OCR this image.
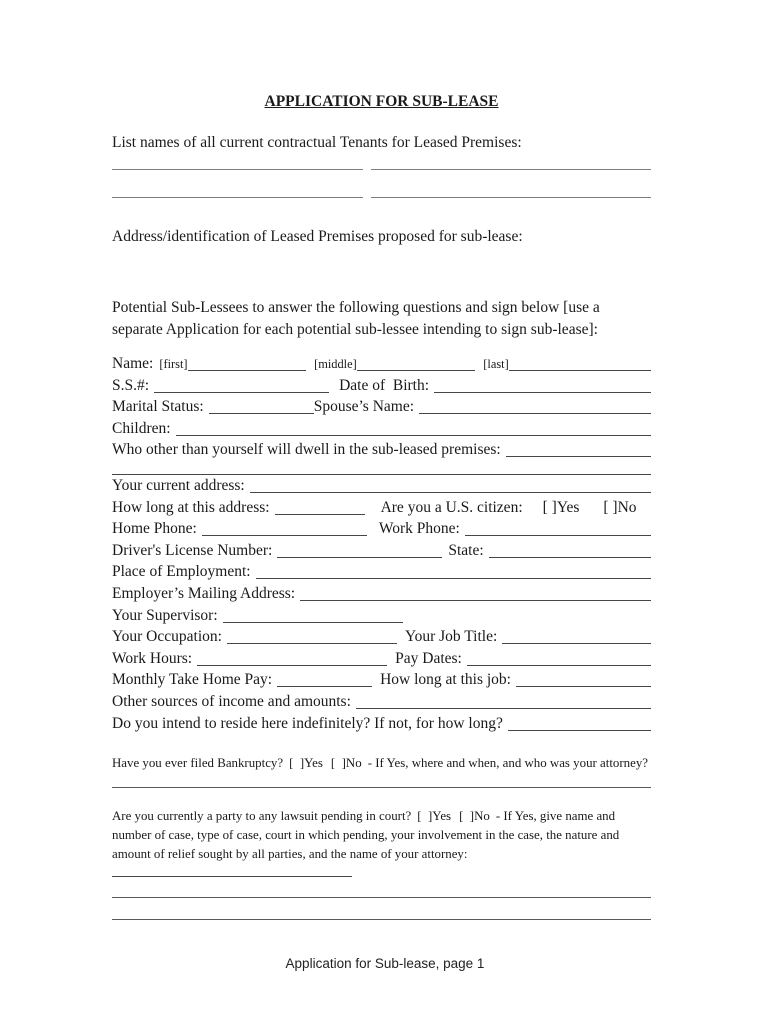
APPLICATION FOR SUB-LEASE
List names of all current contractual Tenants for Leased Premises:
Address/identification of Leased Premises proposed for sub-lease:
Potential Sub-Lessees to answer the following questions and sign below [use a separate Application for each potential sub-lessee intending to sign sub-lease]:
Name: [first]	[middle]	[last]
S.S.#:	Date of  Birth:
Marital Status:	Spouse’s Name:
Children:
Who other than yourself will dwell in the sub-leased premises:
Your current address:
How long at this address:	Are you a U.S. citizen: [ ]Yes [ ]No
Home Phone:	Work Phone:
Driver's License Number:	State:
Place of Employment:
Employer’s Mailing Address:
Your Supervisor:
Your Occupation:	Your Job Title:
Work Hours:	Pay Dates:
Monthly Take Home Pay:	How long at this job:
Other sources of income and amounts:
Do you intend to reside here indefinitely? If not, for how long?

Have you ever filed Bankruptcy? [  ]Yes [  ]No - If Yes, where and when, and who was your attorney?

Are you currently a party to any lawsuit pending in court? [  ]Yes [  ]No - If Yes, give name and number of case, type of case, court in which pending, your involvement in the case, the nature and amount of relief sought by all parties, and the name of your attorney:

Application for Sub-lease, page 1
